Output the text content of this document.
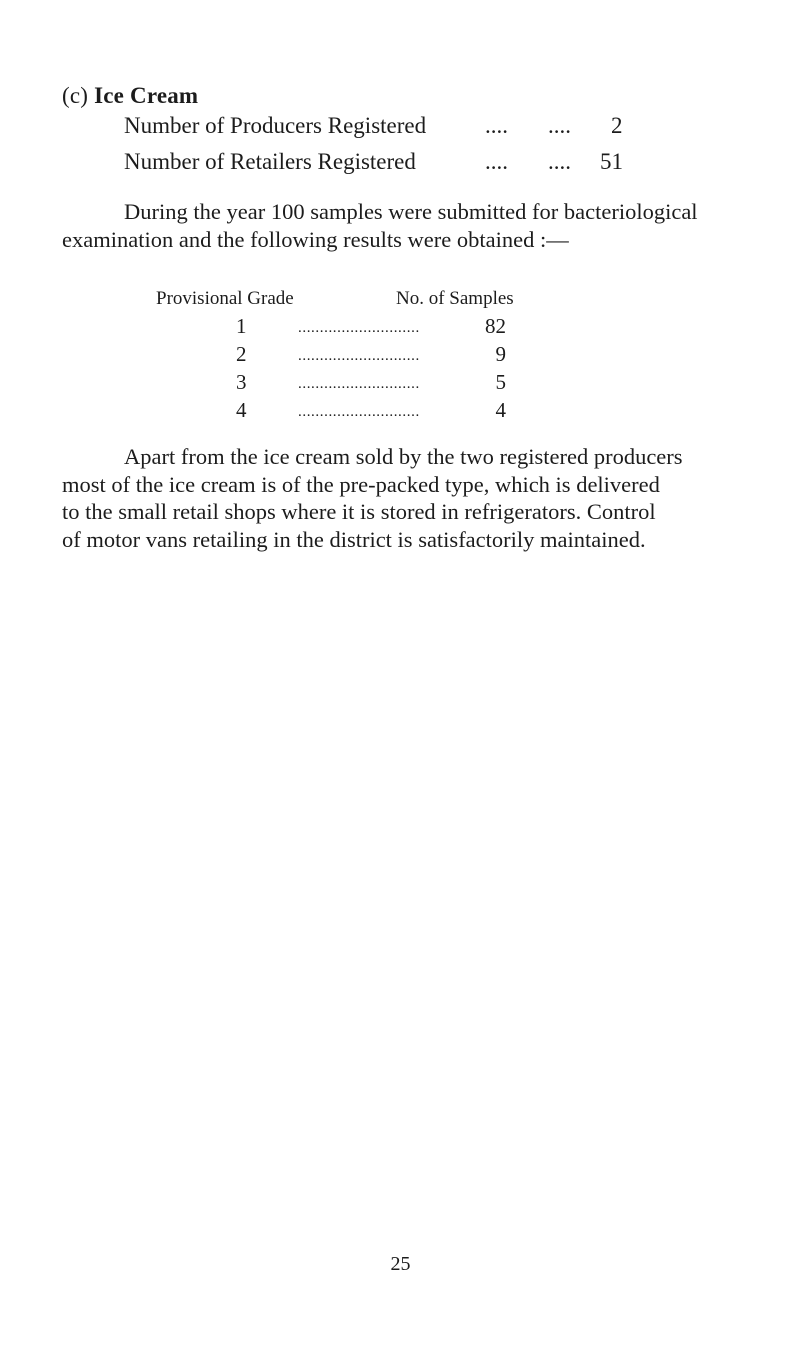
(c) Ice Cream
Number of Producers Registered	.... .... 2
Number of Retailers Registered	.... .... 51
During the year 100 samples were submitted for bacteriological
examination and the following results were obtained :—
Provisional Grade	No. of Samples
1	............................	82
2	............................	9
3	............................	5
4	............................	4
Apart from the ice cream sold by the two registered producers
most of the ice cream is of the pre-packed type, which is delivered
to the small retail shops where it is stored in refrigerators. Control
of motor vans retailing in the district is satisfactorily maintained.
25
